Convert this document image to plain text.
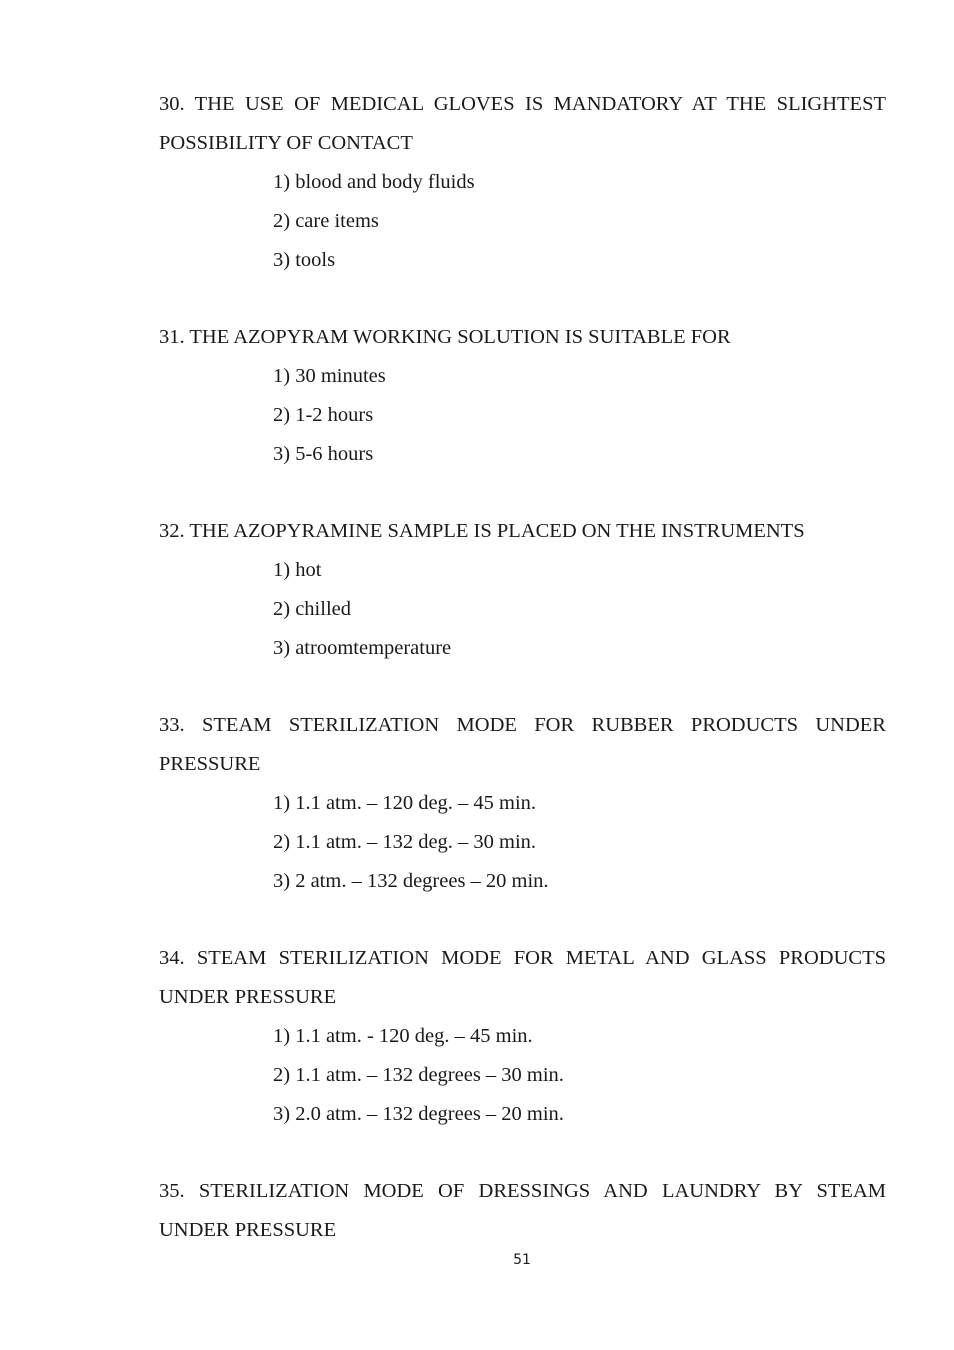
30. THE USE OF MEDICAL GLOVES IS MANDATORY AT THE SLIGHTEST POSSIBILITY OF CONTACT

1) blood and body fluids
2) care items
3) tools

31. THE AZOPYRAM WORKING SOLUTION IS SUITABLE FOR

1) 30 minutes
2) 1-2 hours
3) 5-6 hours

32. THE AZOPYRAMINE SAMPLE IS PLACED ON THE INSTRUMENTS

1) hot
2) chilled
3) atroomtemperature

33. STEAM STERILIZATION MODE FOR RUBBER PRODUCTS UNDER PRESSURE

1) 1.1 atm. – 120 deg. – 45 min.
2) 1.1 atm. – 132 deg. – 30 min.
3) 2 atm. – 132 degrees – 20 min.

34. STEAM STERILIZATION MODE FOR METAL AND GLASS PRODUCTS UNDER PRESSURE

1) 1.1 atm. - 120 deg. – 45 min.
2) 1.1 atm. – 132 degrees – 30 min.
3) 2.0 atm. – 132 degrees – 20 min.

35. STERILIZATION MODE OF DRESSINGS AND LAUNDRY BY STEAM UNDER PRESSURE

51
